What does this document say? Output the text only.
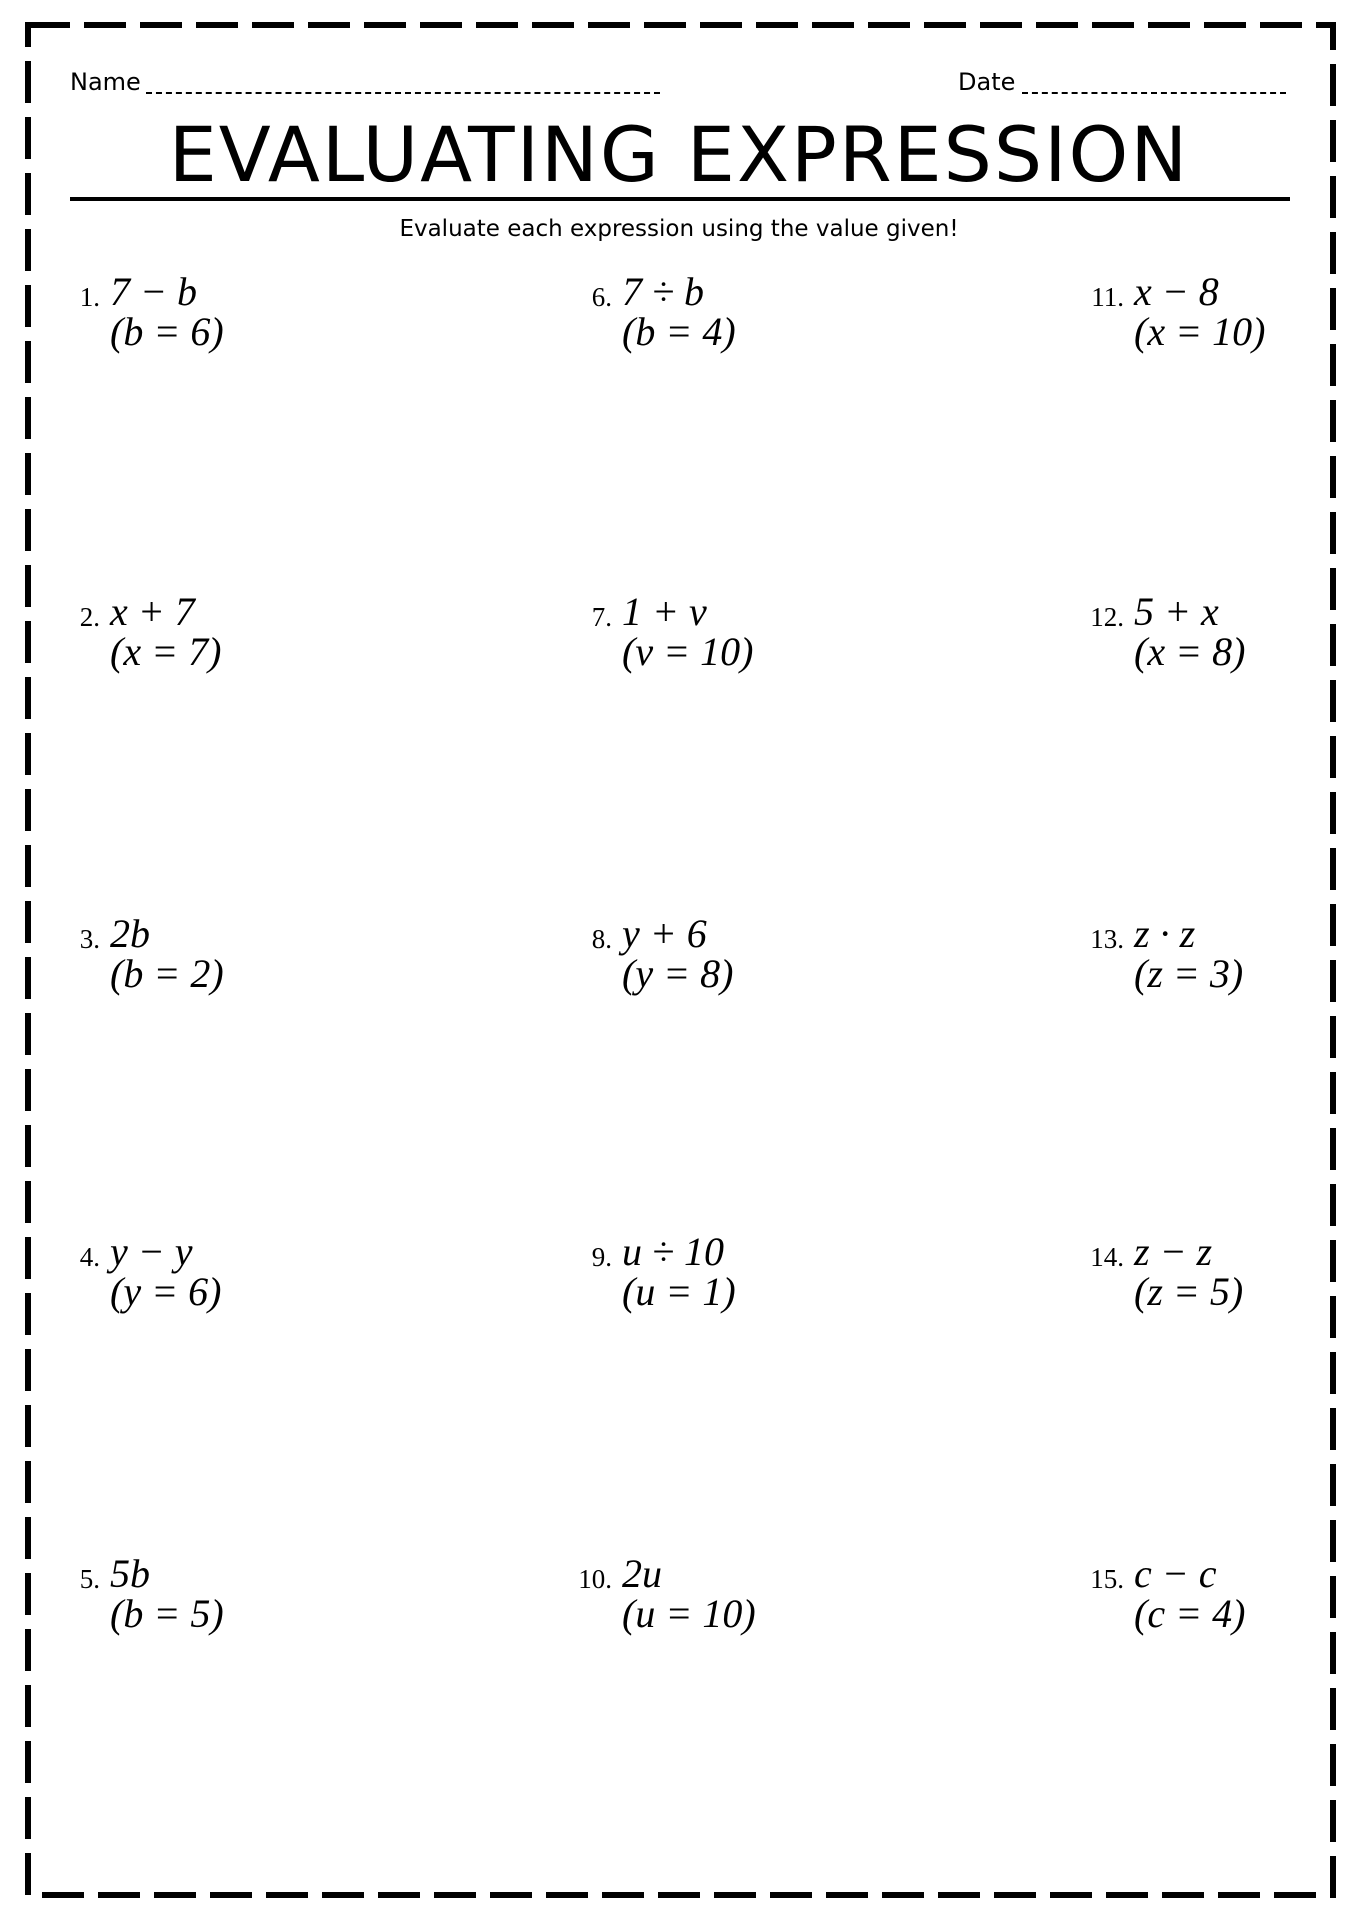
Name	Date
EVALUATING EXPRESSION
Evaluate each expression using the value given!
1. 7 − b
(b = 6)
2. x + 7
(x = 7)
3. 2b
(b = 2)
4. y − y
(y = 6)
5. 5b
(b = 5)
6. 7 ÷ b
(b = 4)
7. 1 + v
(v = 10)
8. y + 6
(y = 8)
9. u ÷ 10
(u = 1)
10. 2u
(u = 10)
11. x − 8
(x = 10)
12. 5 + x
(x = 8)
13. z · z
(z = 3)
14. z − z
(z = 5)
15. c − c
(c = 4)
